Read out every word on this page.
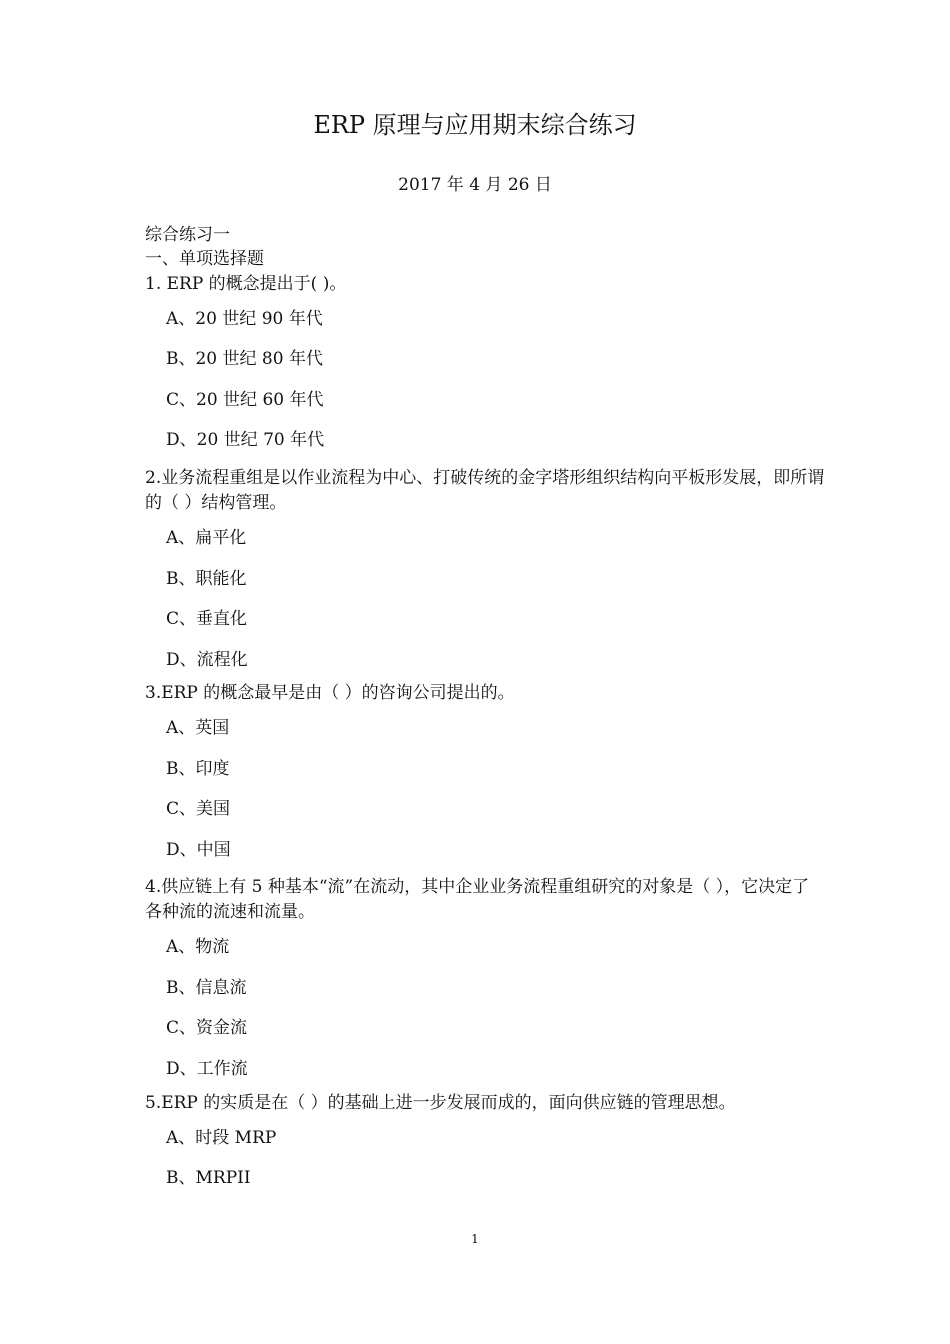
ERP 原理与应用期末综合练习
2017 年 4 月 26 日
综合练习一
一、单项选择题
1. ERP 的概念提出于( )。
A、20 世纪 90 年代
B、20 世纪 80 年代
C、20 世纪 60 年代
D、20 世纪 70 年代
2.业务流程重组是以作业流程为中心、打破传统的金字塔形组织结构向平板形发展，即所谓的（ ）结构管理。
A、扁平化
B、职能化
C、垂直化
D、流程化
3.ERP 的概念最早是由（ ）的咨询公司提出的。
A、英国
B、印度
C、美国
D、中国
4.供应链上有 5 种基本“流”在流动，其中企业业务流程重组研究的对象是（ ），它决定了各种流的流速和流量。
A、物流
B、信息流
C、资金流
D、工作流
5.ERP 的实质是在（ ）的基础上进一步发展而成的，面向供应链的管理思想。
A、时段 MRP
B、MRPII
1
